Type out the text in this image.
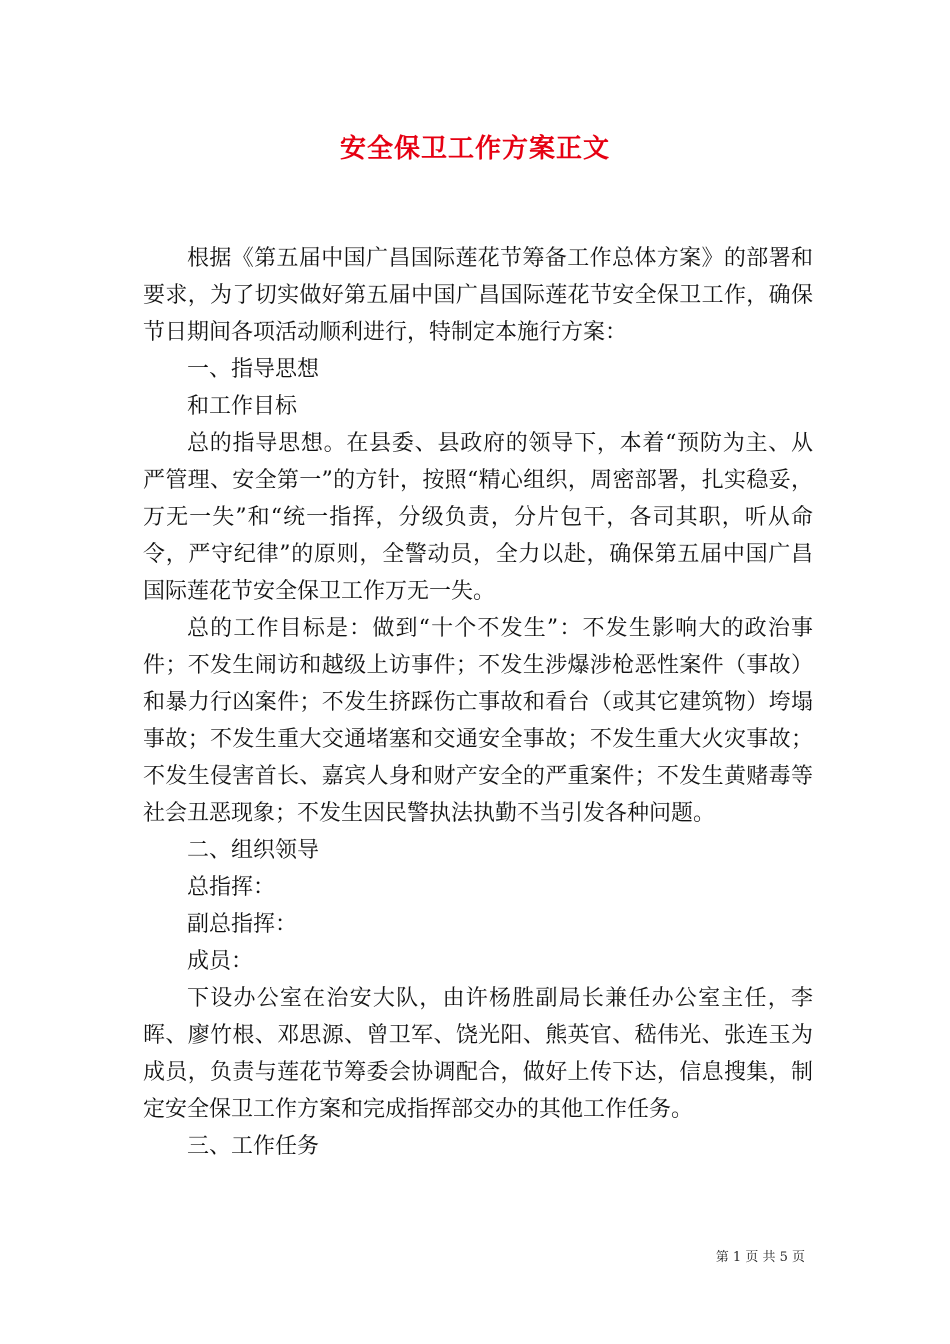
安全保卫工作方案正文

根据《第五届中国广昌国际莲花节筹备工作总体方案》的部署和要求，为了切实做好第五届中国广昌国际莲花节安全保卫工作，确保节日期间各项活动顺利进行，特制定本施行方案：

一、指导思想

和工作目标

总的指导思想。在县委、县政府的领导下，本着“预防为主、从严管理、安全第一”的方针，按照“精心组织，周密部署，扎实稳妥，万无一失”和“统一指挥，分级负责，分片包干，各司其职，听从命令，严守纪律”的原则，全警动员，全力以赴，确保第五届中国广昌国际莲花节安全保卫工作万无一失。

总的工作目标是：做到“十个不发生”：不发生影响大的政治事件；不发生闹访和越级上访事件；不发生涉爆涉枪恶性案件（事故）和暴力行凶案件；不发生挤踩伤亡事故和看台（或其它建筑物）垮塌事故；不发生重大交通堵塞和交通安全事故；不发生重大火灾事故；不发生侵害首长、嘉宾人身和财产安全的严重案件；不发生黄赌毒等社会丑恶现象；不发生因民警执法执勤不当引发各种问题。

二、组织领导

总指挥：

副总指挥：

成员：

下设办公室在治安大队，由许杨胜副局长兼任办公室主任，李晖、廖竹根、邓思源、曾卫军、饶光阳、熊英官、嵇伟光、张连玉为成员，负责与莲花节筹委会协调配合，做好上传下达，信息搜集，制定安全保卫工作方案和完成指挥部交办的其他工作任务。

三、工作任务

第 1 页 共 5 页
